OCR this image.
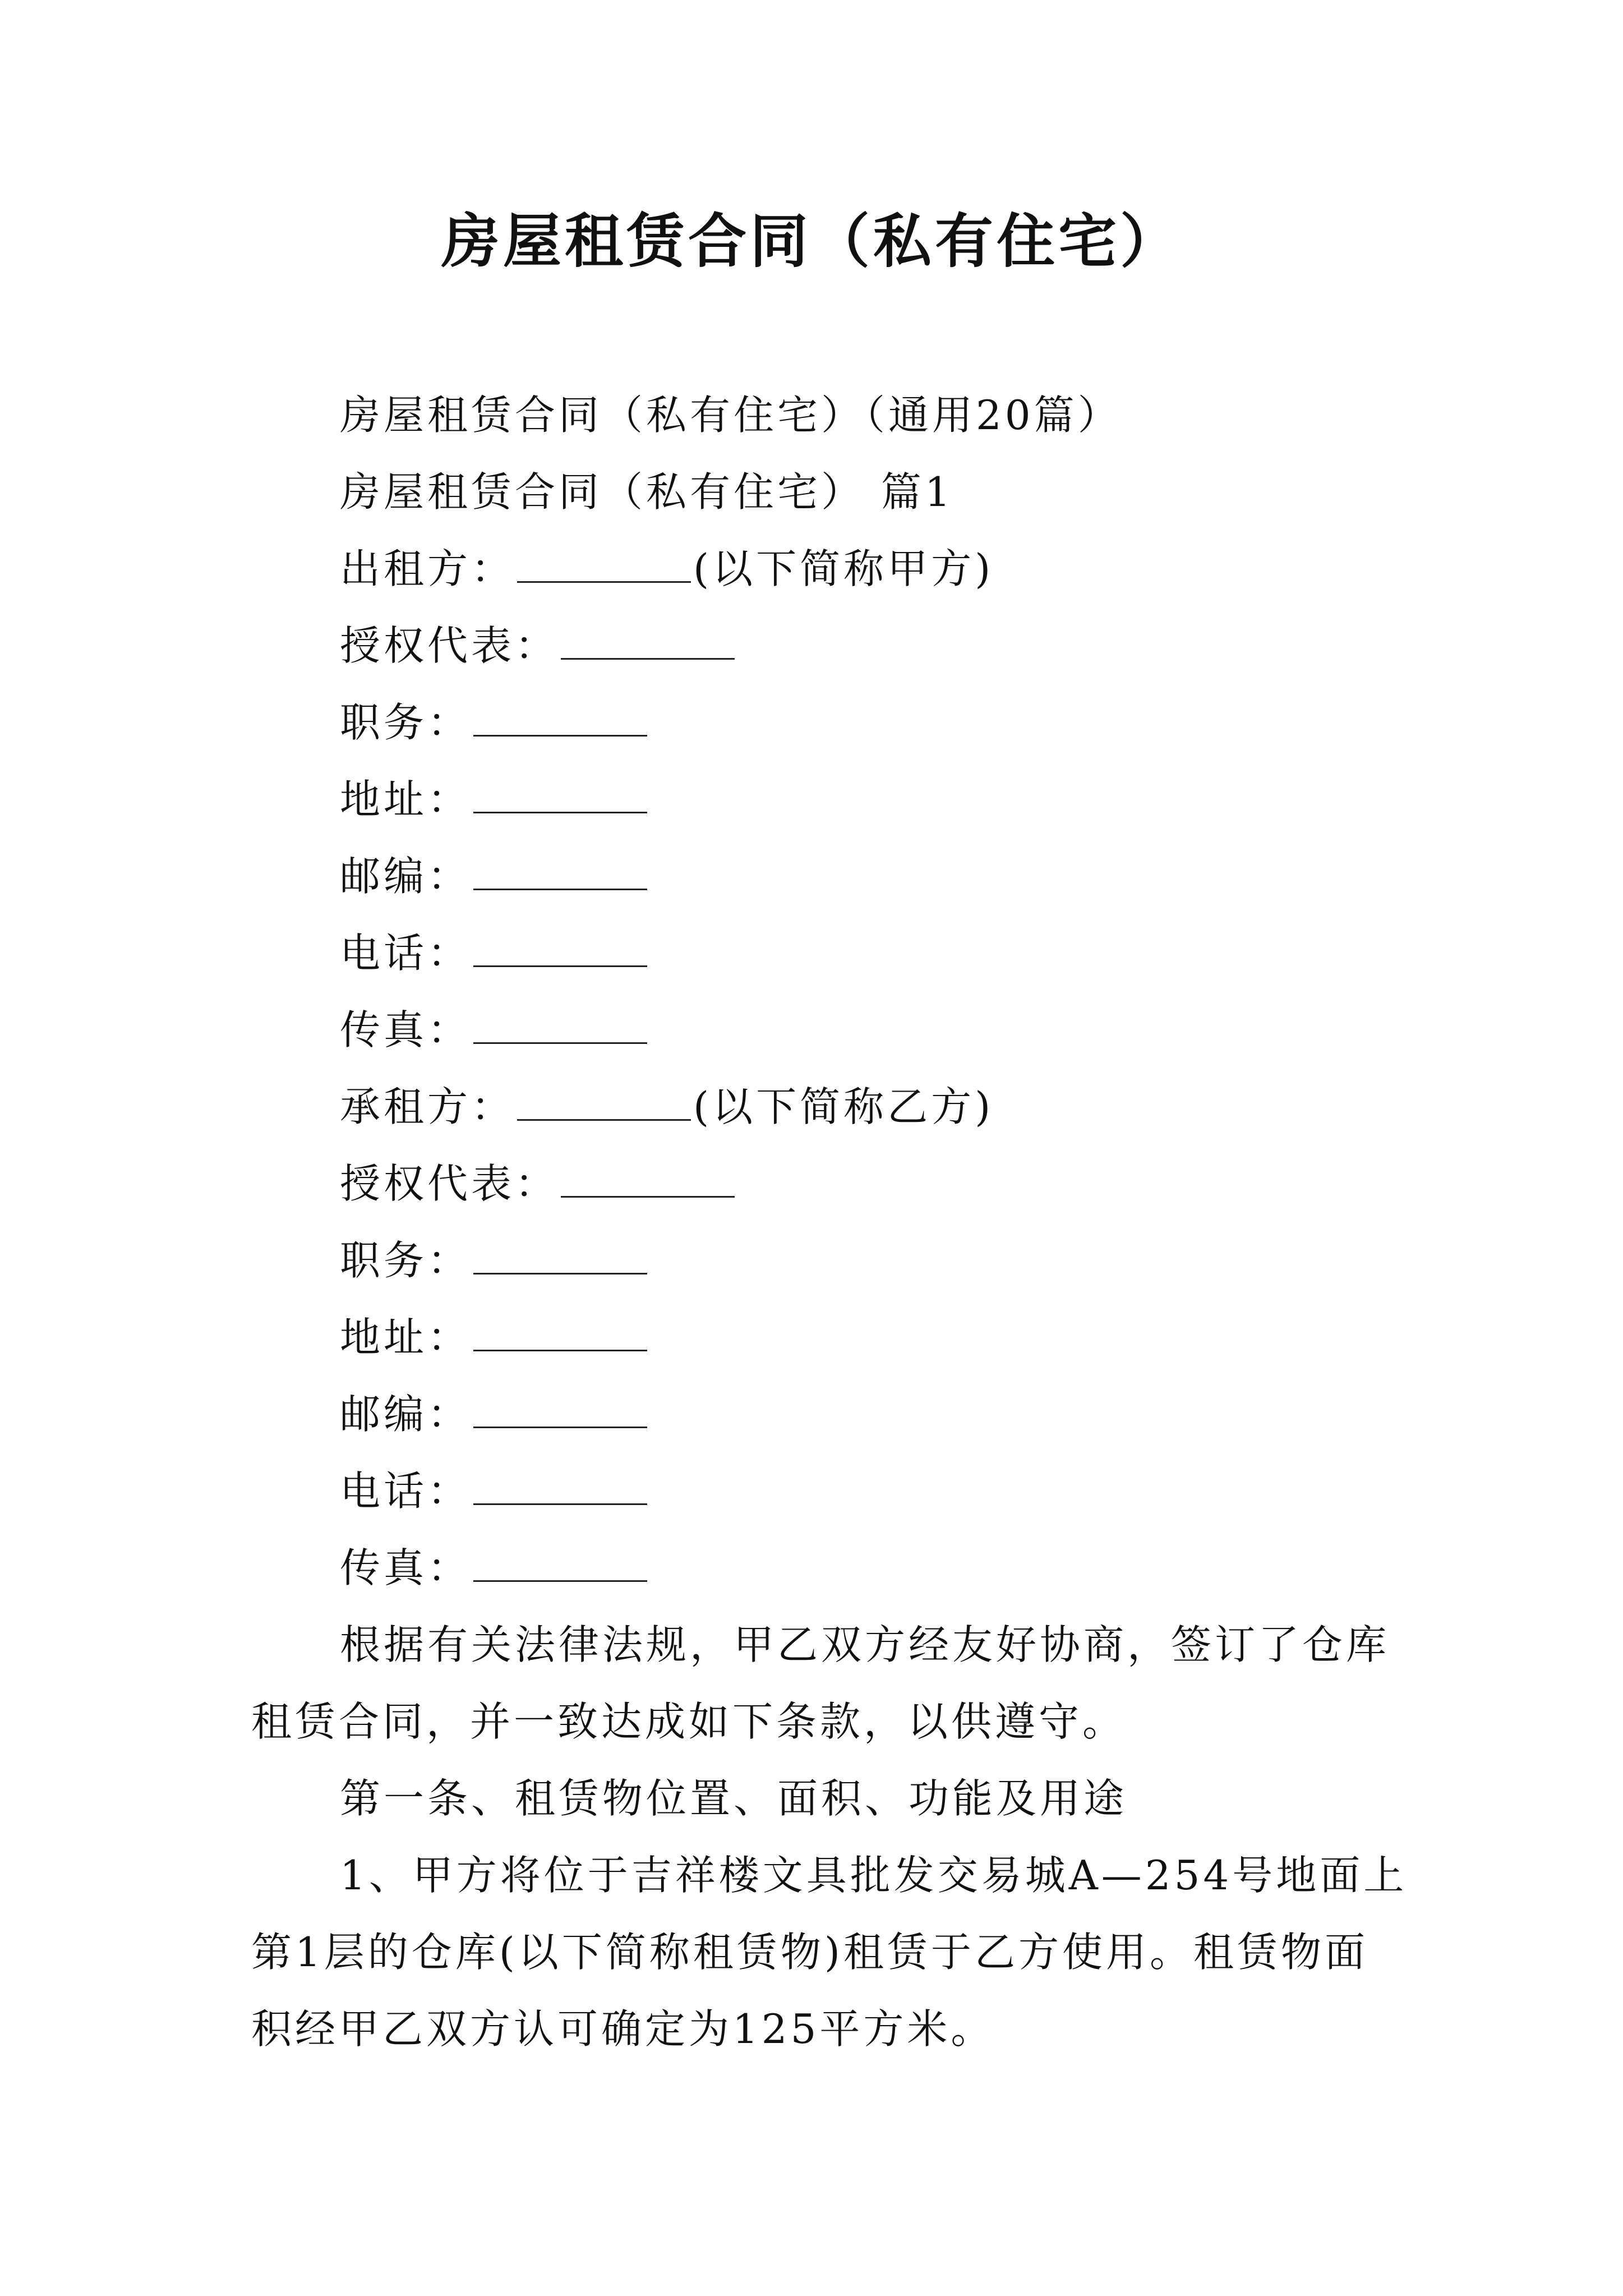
房屋租赁合同（私有住宅）
房屋租赁合同（私有住宅）（通用20篇）
房屋租赁合同（私有住宅） 篇1
出租方：	(以下简称甲方)
授权代表：
职务：
地址：
邮编：
电话：
传真：
承租方：	(以下简称乙方)
授权代表：
职务：
地址：
邮编：
电话：
传真：
根据有关法律法规，甲乙双方经友好协商，签订了仓库
租赁合同，并一致达成如下条款，以供遵守。
第一条、租赁物位置、面积、功能及用途
1、甲方将位于吉祥楼文具批发交易城A—254号地面上
第1层的仓库(以下简称租赁物)租赁于乙方使用。租赁物面
积经甲乙双方认可确定为125平方米。
